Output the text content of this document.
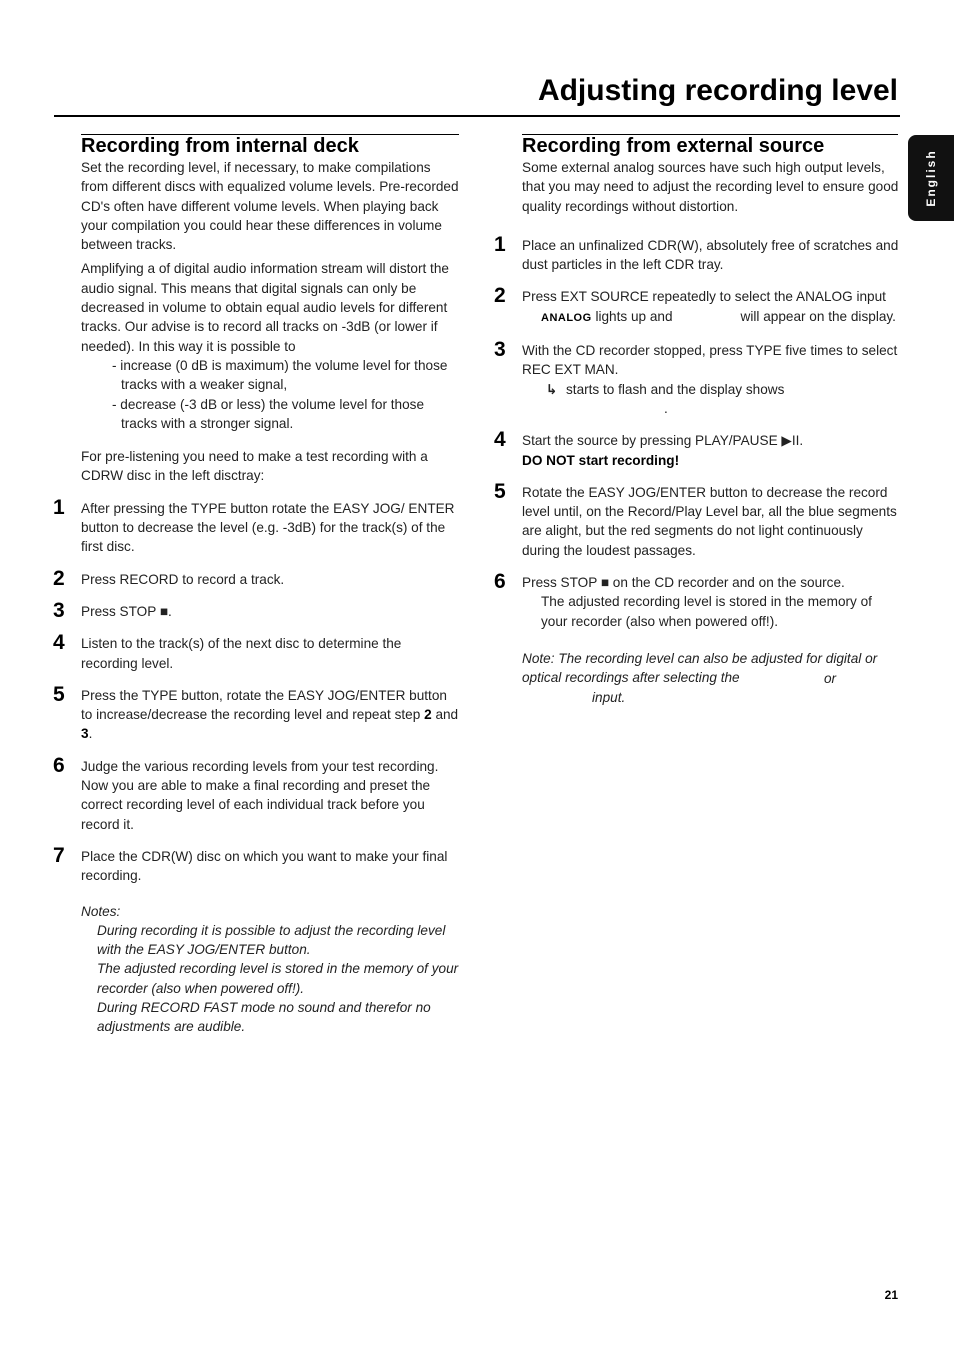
Adjusting recording level
English
Recording from internal deck

Set the recording level, if necessary, to make compilations from different discs with equalized volume levels. Pre-recorded CD's often have different volume levels. When playing back your compilation you could hear these differences in volume between tracks.

Amplifying a of digital audio information stream will distort the audio signal. This means that digital signals can only be decreased in volume to obtain equal audio levels for different tracks. Our advise is to record all tracks on -3dB (or lower if needed). In this way it is possible to

- increase (0 dB is maximum) the volume level for those tracks with a weaker signal,

- decrease (-3 dB or less) the volume level for those tracks with a stronger signal.

For pre-listening you need to make a test recording with a CDRW disc in the left disctray:

1 After pressing the TYPE button rotate the EASY JOG/ ENTER button to decrease the level (e.g. -3dB) for the track(s) of the first disc.

2 Press RECORD to record a track.

3 Press STOP ■.

4 Listen to the track(s) of the next disc to determine the recording level.

5 Press the TYPE button, rotate the EASY JOG/ENTER button to increase/decrease the recording level and repeat step 2 and 3.

6 Judge the various recording levels from your test recording. Now you are able to make a final recording and preset the correct recording level of each individual track before you record it.

7 Place the CDR(W) disc on which you want to make your final recording.

Notes:

During recording it is possible to adjust the recording level with the EASY JOG/ENTER button.

The adjusted recording level is stored in the memory of your recorder (also when powered off!).

During RECORD FAST mode no sound and therefor no adjustments are audible.

Recording from external source

Some external analog sources have such high output levels, that you may need to adjust the recording level to ensure good quality recordings without distortion.

1 Place an unfinalized CDR(W), absolutely free of scratches and dust particles in the left CDR tray.

2 Press EXT SOURCE repeatedly to select the ANALOG input

ANALOG lights up and	will appear on the display.

3 With the CD recorder stopped, press TYPE five times to select REC EXT MAN.

↳ starts to flash and the display shows

.

4 Start the source by pressing PLAY/PAUSE ▶II.

DO NOT start recording!

5 Rotate the EASY JOG/ENTER button to decrease the record level until, on the Record/Play Level bar, all the blue segments are alight, but the red segments do not light continuously during the loudest passages.

6 Press STOP ■ on the CD recorder and on the source.

The adjusted recording level is stored in the memory of your recorder (also when powered off!).

Note: The recording level can also be adjusted for digital or optical recordings after selecting the	or

input.

21
